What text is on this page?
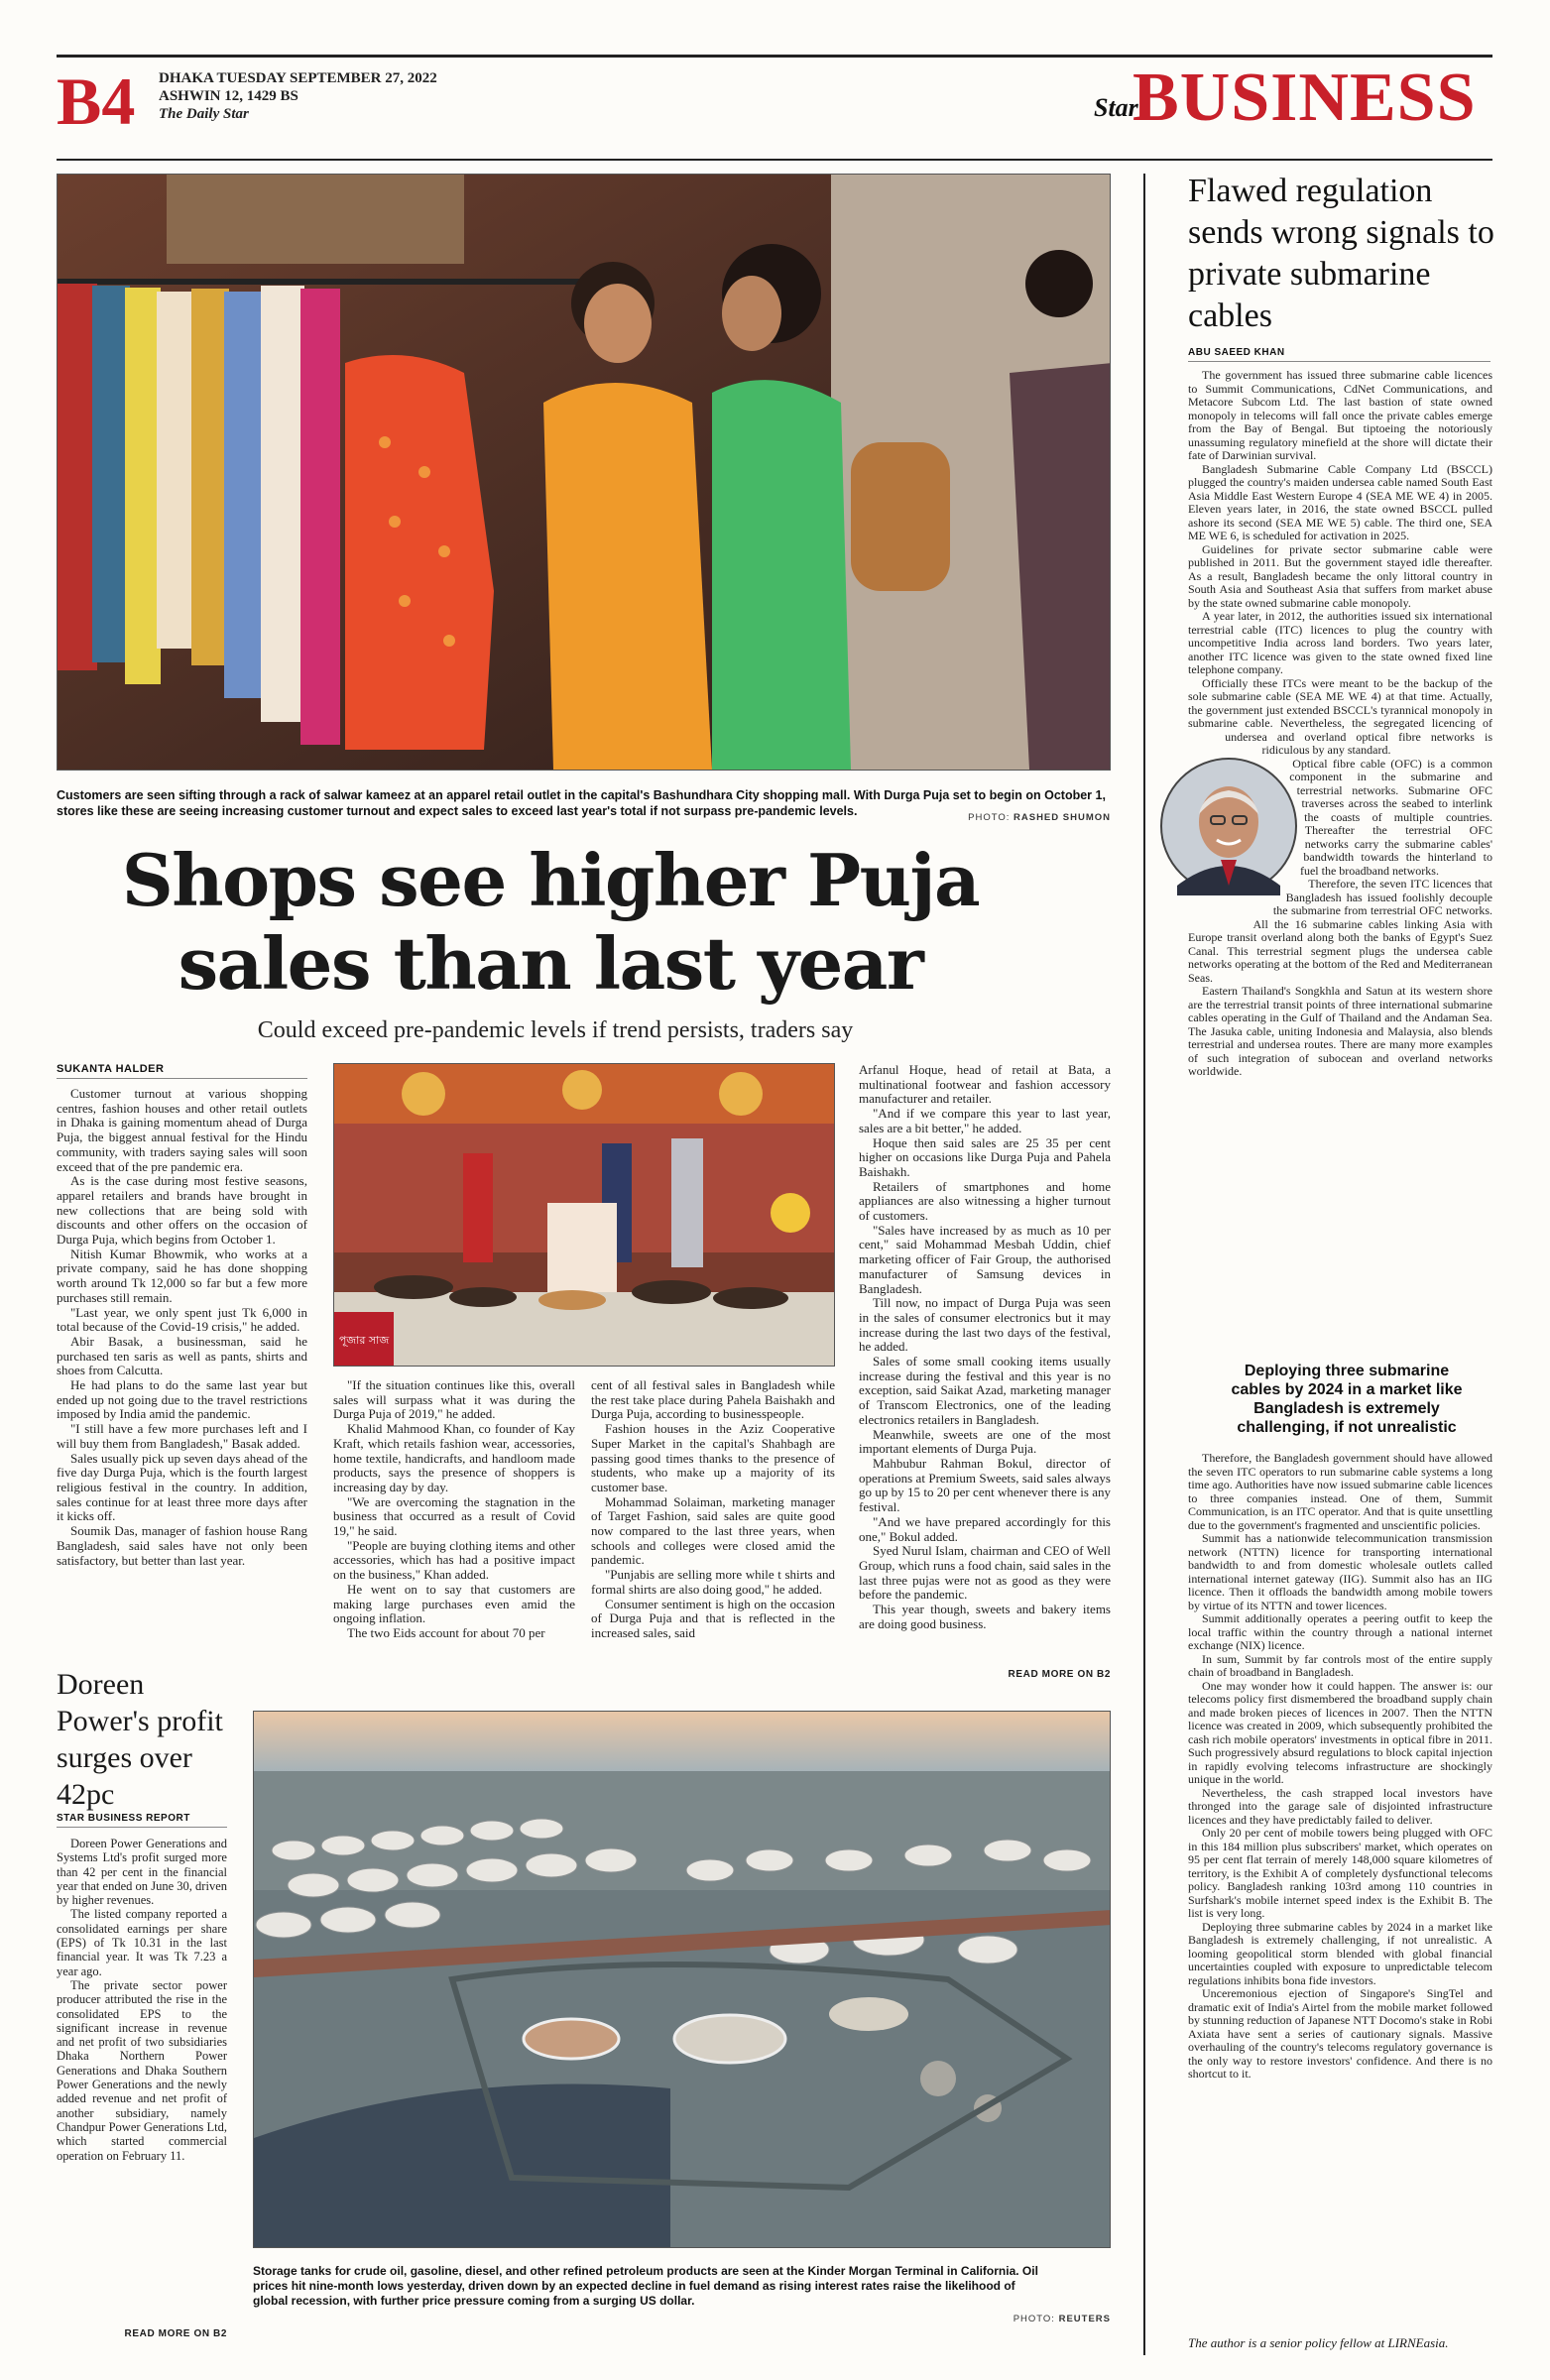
B4 DHAKA TUESDAY SEPTEMBER 27, 2022
ASHWIN 12, 1429 BS
The Daily Star	Star
BUSINESS
Customers are seen sifting through a rack of salwar kameez at an apparel retail outlet in the capital's Bashundhara City shopping mall. With Durga Puja set to begin on October 1, stores like these are seeing increasing customer turnout and expect sales to exceed last year's total if not surpass pre-pandemic levels.	PHOTO: RASHED SHUMON
Shops see higher Puja sales than last year
Could exceed pre-pandemic levels if trend persists, traders say
SUKANTA HALDER

Customer turnout at various shopping centres, fashion houses and other retail outlets in Dhaka is gaining momentum ahead of Durga Puja, the biggest annual festival for the Hindu community, with traders saying sales will soon exceed that of the pre pandemic era.

As is the case during most festive seasons, apparel retailers and brands have brought in new collections that are being sold with discounts and other offers on the occasion of Durga Puja, which begins from October 1.

Nitish Kumar Bhowmik, who works at a private company, said he has done shopping worth around Tk 12,000 so far but a few more purchases still remain.

"Last year, we only spent just Tk 6,000 in total because of the Covid-19 crisis," he added.

Abir Basak, a businessman, said he purchased ten saris as well as pants, shirts and shoes from Calcutta.

He had plans to do the same last year but ended up not going due to the travel restrictions imposed by India amid the pandemic.

"I still have a few more purchases left and I will buy them from Bangladesh," Basak added.

Sales usually pick up seven days ahead of the five day Durga Puja, which is the fourth largest religious festival in the country. In addition, sales continue for at least three more days after it kicks off.

Soumik Das, manager of fashion house Rang Bangladesh, said sales have not only been satisfactory, but better than last year.

পূজার সাজ

"If the situation continues like this, overall sales will surpass what it was during the Durga Puja of 2019," he added.

Khalid Mahmood Khan, co founder of Kay Kraft, which retails fashion wear, accessories, home textile, handicrafts, and handloom made products, says the presence of shoppers is increasing day by day.

"We are overcoming the stagnation in the business that occurred as a result of Covid 19," he said.

"People are buying clothing items and other accessories, which has had a positive impact on the business," Khan added.

He went on to say that customers are making large purchases even amid the ongoing inflation.

The two Eids account for about 70 per

cent of all festival sales in Bangladesh while the rest take place during Pahela Baishakh and Durga Puja, according to businesspeople.

Fashion houses in the Aziz Cooperative Super Market in the capital's Shahbagh are passing good times thanks to the presence of students, who make up a majority of its customer base.

Mohammad Solaiman, marketing manager of Target Fashion, said sales are quite good now compared to the last three years, when schools and colleges were closed amid the pandemic.

"Punjabis are selling more while t shirts and formal shirts are also doing good," he added.

Consumer sentiment is high on the occasion of Durga Puja and that is reflected in the increased sales, said

Arfanul Hoque, head of retail at Bata, a multinational footwear and fashion accessory manufacturer and retailer.

"And if we compare this year to last year, sales are a bit better," he added.

Hoque then said sales are 25 35 per cent higher on occasions like Durga Puja and Pahela Baishakh.

Retailers of smartphones and home appliances are also witnessing a higher turnout of customers.

"Sales have increased by as much as 10 per cent," said Mohammad Mesbah Uddin, chief marketing officer of Fair Group, the authorised manufacturer of Samsung devices in Bangladesh.

Till now, no impact of Durga Puja was seen in the sales of consumer electronics but it may increase during the last two days of the festival, he added.

Sales of some small cooking items usually increase during the festival and this year is no exception, said Saikat Azad, marketing manager of Transcom Electronics, one of the leading electronics retailers in Bangladesh.

Meanwhile, sweets are one of the most important elements of Durga Puja.

Mahbubur Rahman Bokul, director of operations at Premium Sweets, said sales always go up by 15 to 20 per cent whenever there is any festival.

"And we have prepared accordingly for this one," Bokul added.

Syed Nurul Islam, chairman and CEO of Well Group, which runs a food chain, said sales in the last three pujas were not as good as they were before the pandemic.

This year though, sweets and bakery items are doing good business.

READ MORE ON B2
Flawed regulation sends wrong signals to private submarine cables
ABU SAEED KHAN

The government has issued three submarine cable licences to Summit Communications, CdNet Communications, and Metacore Subcom Ltd. The last bastion of state owned monopoly in telecoms will fall once the private cables emerge from the Bay of Bengal. But tiptoeing the notoriously unassuming regulatory minefield at the shore will dictate their fate of Darwinian survival.

Bangladesh Submarine Cable Company Ltd (BSCCL) plugged the country's maiden undersea cable named South East Asia Middle East Western Europe 4 (SEA ME WE 4) in 2005. Eleven years later, in 2016, the state owned BSCCL pulled ashore its second (SEA ME WE 5) cable. The third one, SEA ME WE 6, is scheduled for activation in 2025.

Guidelines for private sector submarine cable were published in 2011. But the government stayed idle thereafter. As a result, Bangladesh became the only littoral country in South Asia and Southeast Asia that suffers from market abuse by the state owned submarine cable monopoly.

A year later, in 2012, the authorities issued six international terrestrial cable (ITC) licences to plug the country with uncompetitive India across land borders. Two years later, another ITC licence was given to the state owned fixed line telephone company.

Officially these ITCs were meant to be the backup of the sole submarine cable (SEA ME WE 4) at that time. Actually, the government just extended BSCCL's tyrannical monopoly in submarine cable. Nevertheless, the segregated licencing of undersea and overland optical fibre networks is ridiculous by any standard.

Optical fibre cable (OFC) is a common component in the submarine and terrestrial networks. Submarine OFC traverses across the seabed to interlink the coasts of multiple countries. Thereafter the terrestrial OFC networks carry the submarine cables' bandwidth towards the hinterland to fuel the broadband networks.

Therefore, the seven ITC licences that Bangladesh has issued foolishly decouple the submarine from terrestrial OFC networks. All the 16 submarine cables linking Asia with Europe transit overland along both the banks of Egypt's Suez Canal. This terrestrial segment plugs the undersea cable networks operating at the bottom of the Red and Mediterranean Seas.

Eastern Thailand's Songkhla and Satun at its western shore are the terrestrial transit points of three international submarine cables operating in the Gulf of Thailand and the Andaman Sea. The Jasuka cable, uniting Indonesia and Malaysia, also blends terrestrial and undersea routes. There are many more examples of such integration of subocean and overland networks worldwide.

Deploying three submarine cables by 2024 in a market like Bangladesh is extremely challenging, if not unrealistic

Therefore, the Bangladesh government should have allowed the seven ITC operators to run submarine cable systems a long time ago. Authorities have now issued submarine cable licences to three companies instead. One of them, Summit Communication, is an ITC operator. And that is quite unsettling due to the government's fragmented and unscientific policies.

Summit has a nationwide telecommunication transmission network (NTTN) licence for transporting international bandwidth to and from domestic wholesale outlets called international internet gateway (IIG). Summit also has an IIG licence. Then it offloads the bandwidth among mobile towers by virtue of its NTTN and tower licences.

Summit additionally operates a peering outfit to keep the local traffic within the country through a national internet exchange (NIX) licence.

In sum, Summit by far controls most of the entire supply chain of broadband in Bangladesh.

One may wonder how it could happen. The answer is: our telecoms policy first dismembered the broadband supply chain and made broken pieces of licences in 2007. Then the NTTN licence was created in 2009, which subsequently prohibited the cash rich mobile operators' investments in optical fibre in 2011. Such progressively absurd regulations to block capital injection in rapidly evolving telecoms infrastructure are shockingly unique in the world.

Nevertheless, the cash strapped local investors have thronged into the garage sale of disjointed infrastructure licences and they have predictably failed to deliver.

Only 20 per cent of mobile towers being plugged with OFC in this 184 million plus subscribers' market, which operates on 95 per cent flat terrain of merely 148,000 square kilometres of territory, is the Exhibit A of completely dysfunctional telecoms policy. Bangladesh ranking 103rd among 110 countries in Surfshark's mobile internet speed index is the Exhibit B. The list is very long.

Deploying three submarine cables by 2024 in a market like Bangladesh is extremely challenging, if not unrealistic. A looming geopolitical storm blended with global financial uncertainties coupled with exposure to unpredictable telecom regulations inhibits bona fide investors.

Unceremonious ejection of Singapore's SingTel and dramatic exit of India's Airtel from the mobile market followed by stunning reduction of Japanese NTT Docomo's stake in Robi Axiata have sent a series of cautionary signals. Massive overhauling of the country's telecoms regulatory governance is the only way to restore investors' confidence. And there is no shortcut to it.

The author is a senior policy fellow at LIRNEasia.
Doreen Power's profit surges over 42pc
STAR BUSINESS REPORT

Doreen Power Generations and Systems Ltd's profit surged more than 42 per cent in the financial year that ended on June 30, driven by higher revenues.

The listed company reported a consolidated earnings per share (EPS) of Tk 10.31 in the last financial year. It was Tk 7.23 a year ago.

The private sector power producer attributed the rise in the consolidated EPS to the significant increase in revenue and net profit of two subsidiaries Dhaka Northern Power Generations and Dhaka Southern Power Generations and the newly added revenue and net profit of another subsidiary, namely Chandpur Power Generations Ltd, which started commercial operation on February 11.

READ MORE ON B2
Storage tanks for crude oil, gasoline, diesel, and other refined petroleum products are seen at the Kinder Morgan Terminal in California. Oil prices hit nine-month lows yesterday, driven down by an expected decline in fuel demand as rising interest rates raise the likelihood of global recession, with further price pressure coming from a surging US dollar.
PHOTO: REUTERS
